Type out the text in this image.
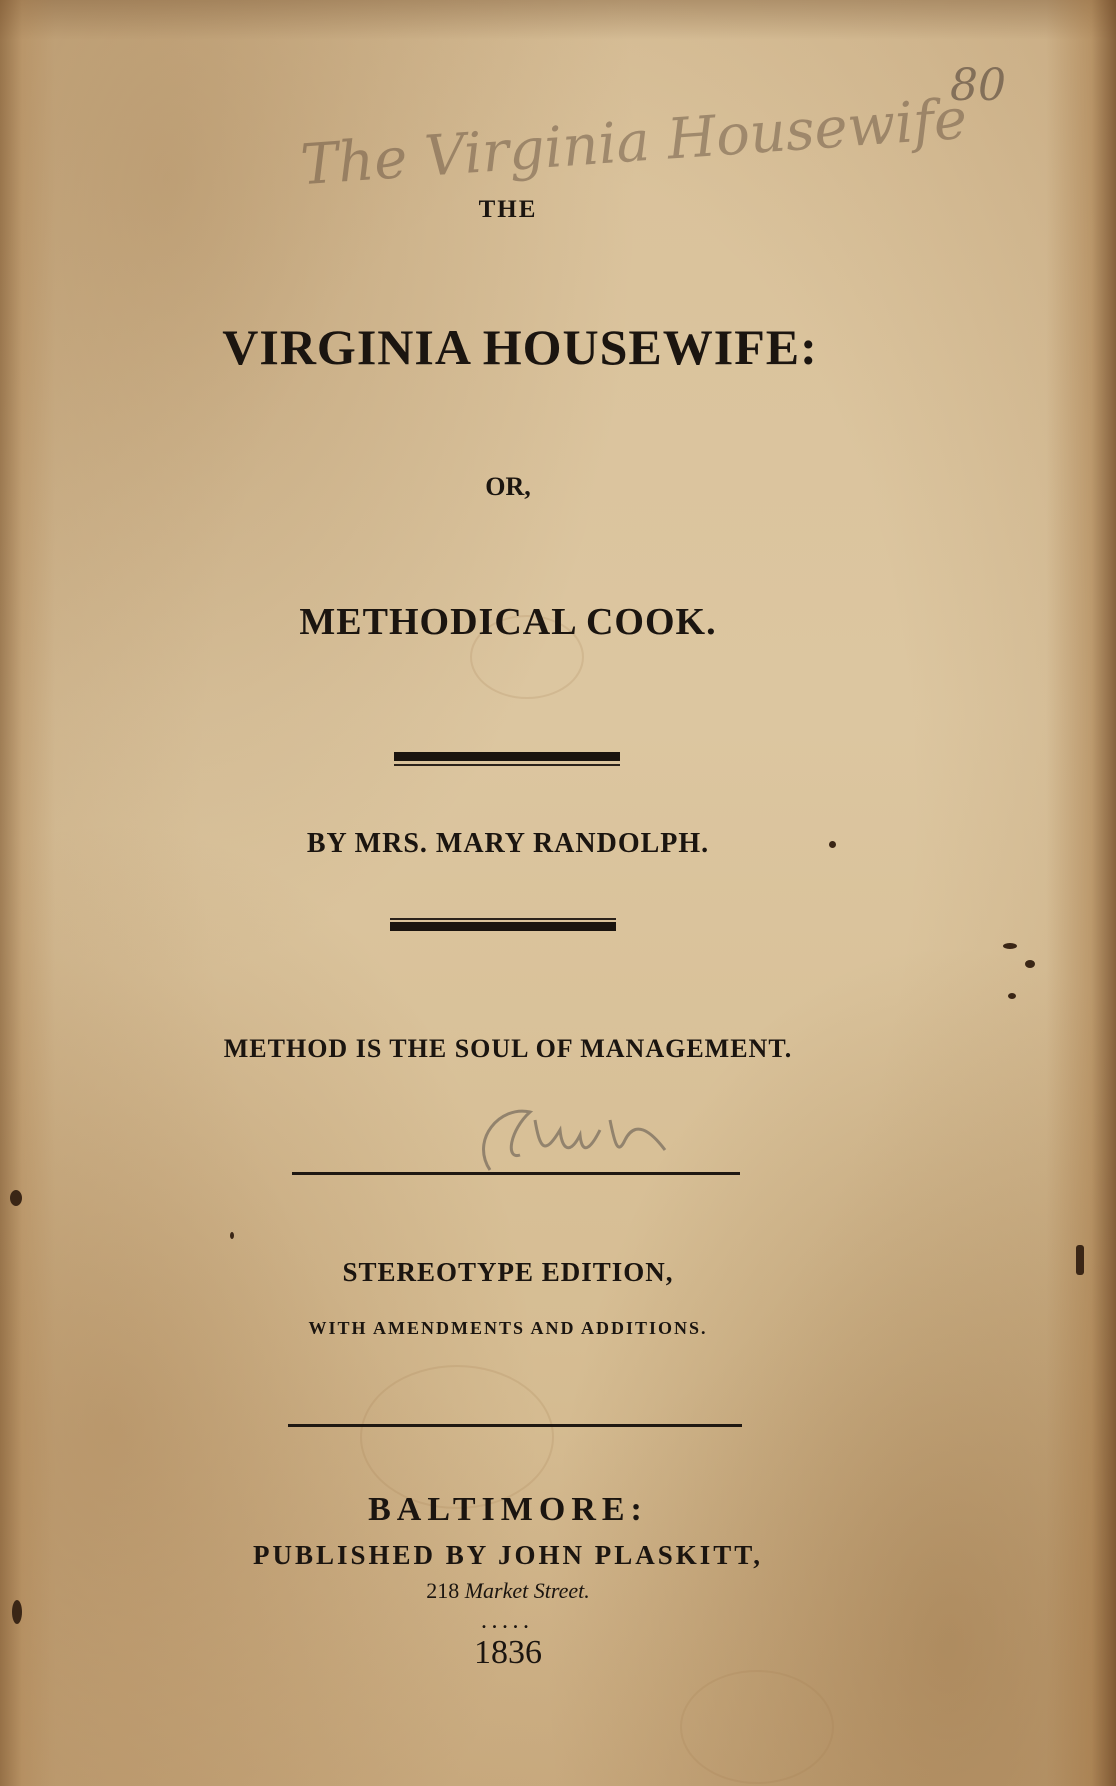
The Virginia Housewife
80

THE

VIRGINIA HOUSEWIFE:

OR,

METHODICAL COOK.

BY MRS. MARY RANDOLPH.

METHOD IS THE SOUL OF MANAGEMENT.

STEREOTYPE EDITION,

WITH AMENDMENTS AND ADDITIONS.

BALTIMORE:

PUBLISHED BY JOHN PLASKITT,

218 Market Street.

.....

1836
